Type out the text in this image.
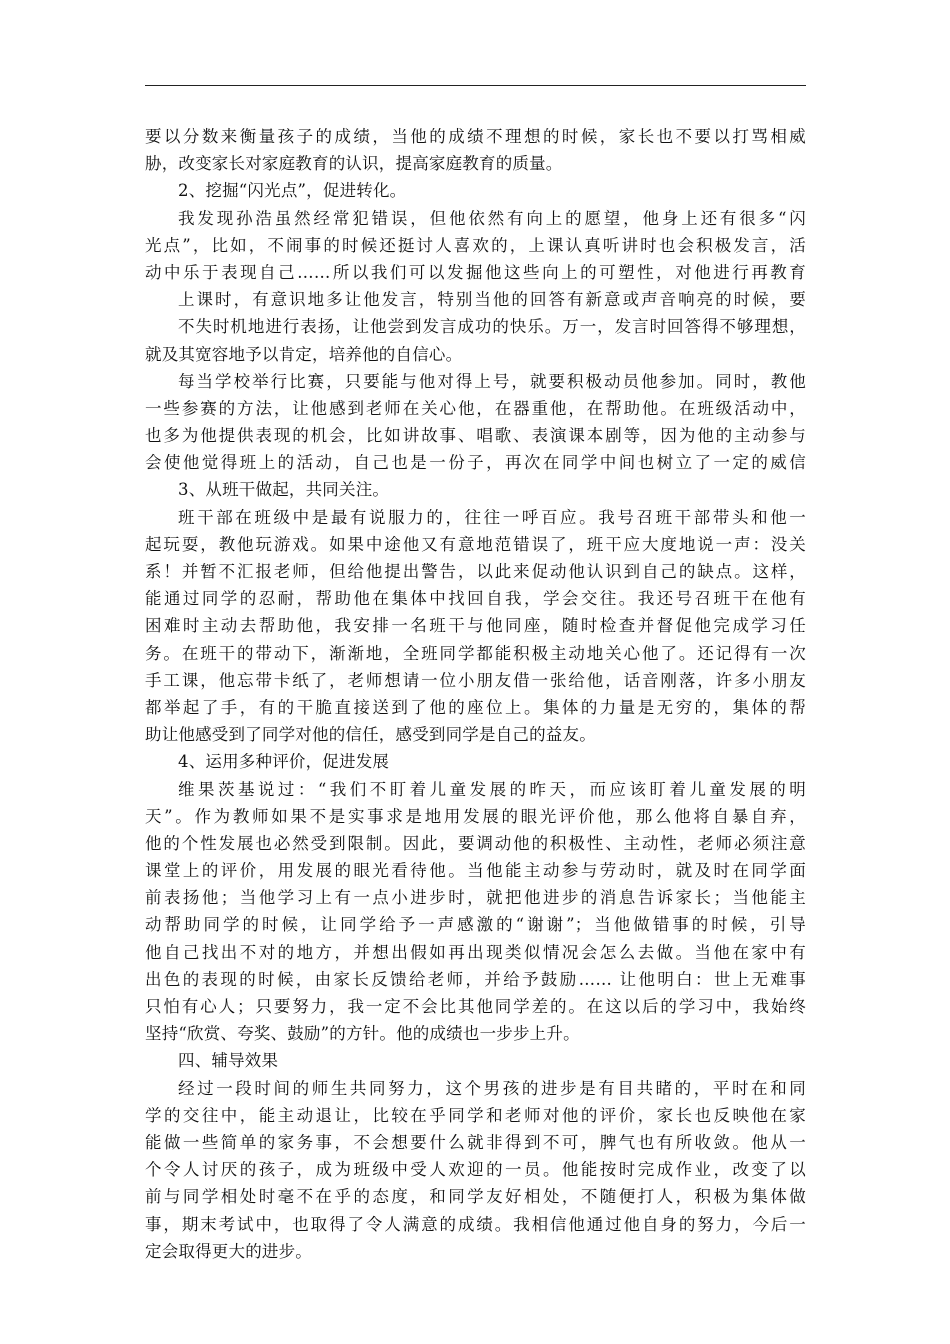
要以分数来衡量孩子的成绩，当他的成绩不理想的时候，家长也不要以打骂相威
胁，改变家长对家庭教育的认识，提高家庭教育的质量。
2、挖掘“闪光点”，促进转化。
我发现孙浩虽然经常犯错误，但他依然有向上的愿望，他身上还有很多“闪
光点”，比如，不闹事的时候还挺讨人喜欢的，上课认真听讲时也会积极发言，活
动中乐于表现自己……所以我们可以发掘他这些向上的可塑性，对他进行再教育
上课时，有意识地多让他发言，特别当他的回答有新意或声音响亮的时候，要
不失时机地进行表扬，让他尝到发言成功的快乐。万一，发言时回答得不够理想，
就及其宽容地予以肯定，培养他的自信心。
每当学校举行比赛，只要能与他对得上号，就要积极动员他参加。同时，教他
一些参赛的方法，让他感到老师在关心他，在器重他，在帮助他。在班级活动中，
也多为他提供表现的机会，比如讲故事、唱歌、表演课本剧等，因为他的主动参与
会使他觉得班上的活动，自己也是一份子，再次在同学中间也树立了一定的威信
3、从班干做起，共同关注。
班干部在班级中是最有说服力的，往往一呼百应。我号召班干部带头和他一
起玩耍，教他玩游戏。如果中途他又有意地范错误了，班干应大度地说一声：没关
系！并暂不汇报老师，但给他提出警告，以此来促动他认识到自己的缺点。这样，
能通过同学的忍耐，帮助他在集体中找回自我，学会交往。我还号召班干在他有
困难时主动去帮助他，我安排一名班干与他同座，随时检查并督促他完成学习任
务。在班干的带动下，渐渐地，全班同学都能积极主动地关心他了。还记得有一次
手工课，他忘带卡纸了，老师想请一位小朋友借一张给他，话音刚落，许多小朋友
都举起了手，有的干脆直接送到了他的座位上。集体的力量是无穷的，集体的帮
助让他感受到了同学对他的信任，感受到同学是自己的益友。
4、运用多种评价，促进发展
维果茨基说过：“我们不盯着儿童发展的昨天，而应该盯着儿童发展的明
天”。作为教师如果不是实事求是地用发展的眼光评价他，那么他将自暴自弃，
他的个性发展也必然受到限制。因此，要调动他的积极性、主动性，老师必须注意
课堂上的评价，用发展的眼光看待他。当他能主动参与劳动时，就及时在同学面
前表扬他；当他学习上有一点小进步时，就把他进步的消息告诉家长；当他能主
动帮助同学的时候，让同学给予一声感激的“谢谢”；当他做错事的时候，引导
他自己找出不对的地方，并想出假如再出现类似情况会怎么去做。当他在家中有
出色的表现的时候，由家长反馈给老师，并给予鼓励…… 让他明白：世上无难事
只怕有心人；只要努力，我一定不会比其他同学差的。在这以后的学习中，我始终
坚持“欣赏、夸奖、鼓励”的方针。他的成绩也一步步上升。
四、辅导效果
经过一段时间的师生共同努力，这个男孩的进步是有目共睹的，平时在和同
学的交往中，能主动退让，比较在乎同学和老师对他的评价，家长也反映他在家
能做一些简单的家务事，不会想要什么就非得到不可，脾气也有所收敛。他从一
个令人讨厌的孩子，成为班级中受人欢迎的一员。他能按时完成作业，改变了以
前与同学相处时毫不在乎的态度，和同学友好相处，不随便打人，积极为集体做
事，期末考试中，也取得了令人满意的成绩。我相信他通过他自身的努力，今后一
定会取得更大的进步。
